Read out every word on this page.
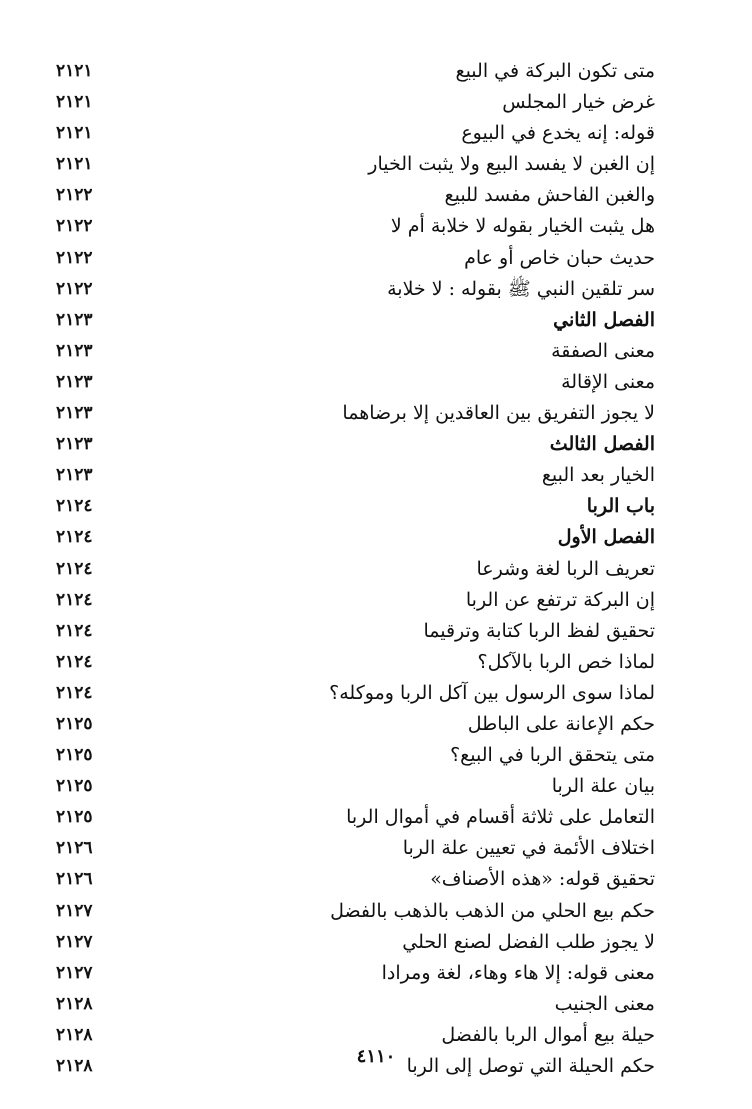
متى تكون البركة في البيع
٢١٢١
غرض خيار المجلس
٢١٢١
قوله: إنه يخدع في البيوع
٢١٢١
إن الغبن لا يفسد البيع ولا يثبت الخيار
٢١٢١
والغبن الفاحش مفسد للبيع
٢١٢٢
هل يثبت الخيار بقوله لا خلابة أم لا
٢١٢٢
حديث حبان خاص أو عام
٢١٢٢
سر تلقين النبي ﷺ بقوله : لا خلابة
٢١٢٢
الفصل الثاني
٢١٢٣
معنى الصفقة
٢١٢٣
معنى الإقالة
٢١٢٣
لا يجوز التفريق بين العاقدين إلا برضاهما
٢١٢٣
الفصل الثالث
٢١٢٣
الخيار بعد البيع
٢١٢٣
باب الربا
٢١٢٤
الفصل الأول
٢١٢٤
تعريف الربا لغة وشرعا
٢١٢٤
إن البركة ترتفع عن الربا
٢١٢٤
تحقيق لفظ الربا كتابة وترقيما
٢١٢٤
لماذا خص الربا بالآكل؟
٢١٢٤
لماذا سوى الرسول بين آكل الربا وموكله؟
٢١٢٤
حكم الإعانة على الباطل
٢١٢٥
متى يتحقق الربا في البيع؟
٢١٢٥
بيان علة الربا
٢١٢٥
التعامل على ثلاثة أقسام في أموال الربا
٢١٢٥
اختلاف الأئمة في تعيين علة الربا
٢١٢٦
تحقيق قوله: «هذه الأصناف»
٢١٢٦
حكم بيع الحلي من الذهب بالذهب بالفضل
٢١٢٧
لا يجوز طلب الفضل لصنع الحلي
٢١٢٧
معنى قوله: إلا هاء وهاء، لغة ومرادا
٢١٢٧
معنى الجنيب
٢١٢٨
حيلة بيع أموال الربا بالفضل
٢١٢٨
حكم الحيلة التي توصل إلى الربا
٢١٢٨	٤١١٠
